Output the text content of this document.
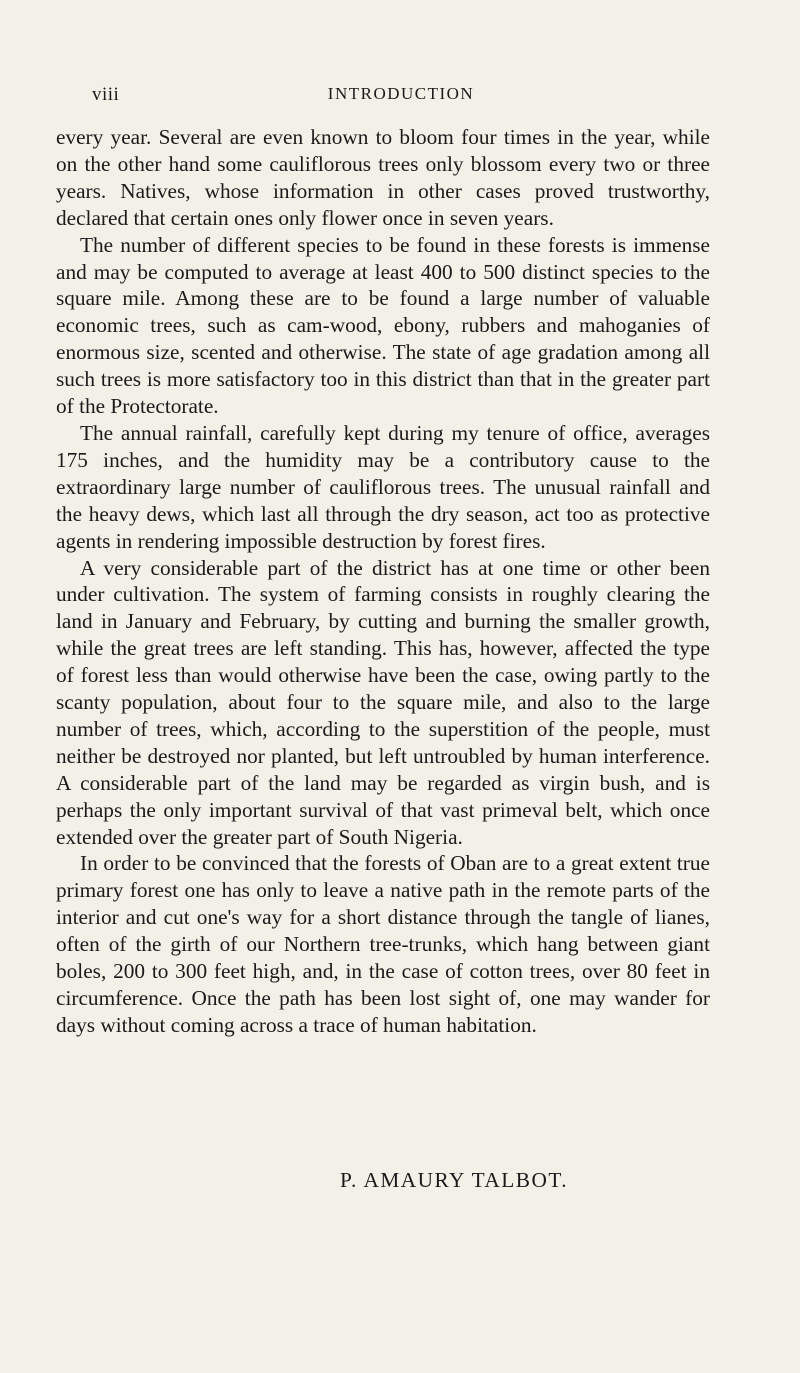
viii	INTRODUCTION

every year. Several are even known to bloom four times in the year, while on the other hand some cauliflorous trees only blossom every two or three years. Natives, whose information in other cases proved trustworthy, declared that certain ones only flower once in seven years.

The number of different species to be found in these forests is immense and may be computed to average at least 400 to 500 distinct species to the square mile. Among these are to be found a large number of valuable economic trees, such as cam-wood, ebony, rubbers and mahoganies of enormous size, scented and otherwise. The state of age gradation among all such trees is more satisfactory too in this district than that in the greater part of the Protectorate.

The annual rainfall, carefully kept during my tenure of office, averages 175 inches, and the humidity may be a contributory cause to the extraordinary large number of cauliflorous trees. The unusual rainfall and the heavy dews, which last all through the dry season, act too as protective agents in rendering impossible destruction by forest fires.

A very considerable part of the district has at one time or other been under cultivation. The system of farming consists in roughly clearing the land in January and February, by cutting and burning the smaller growth, while the great trees are left standing. This has, however, affected the type of forest less than would otherwise have been the case, owing partly to the scanty population, about four to the square mile, and also to the large number of trees, which, according to the superstition of the people, must neither be destroyed nor planted, but left untroubled by human interference. A considerable part of the land may be regarded as virgin bush, and is perhaps the only important survival of that vast primeval belt, which once extended over the greater part of South Nigeria.

In order to be convinced that the forests of Oban are to a great extent true primary forest one has only to leave a native path in the remote parts of the interior and cut one's way for a short distance through the tangle of lianes, often of the girth of our Northern tree-trunks, which hang between giant boles, 200 to 300 feet high, and, in the case of cotton trees, over 80 feet in circumference. Once the path has been lost sight of, one may wander for days without coming across a trace of human habitation.

P. AMAURY TALBOT.
